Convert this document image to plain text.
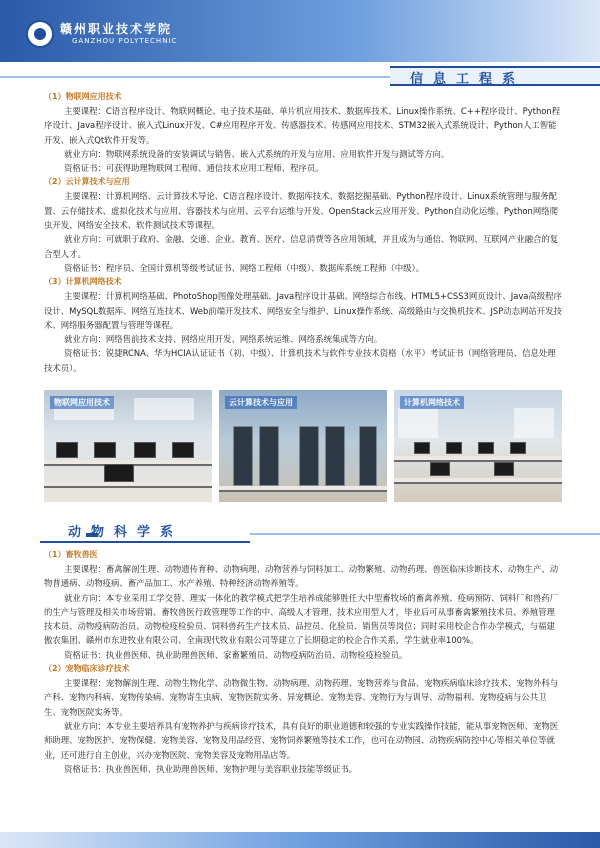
赣州职业技术学院
GANZHOU POLYTECHNIC
信息工程系
（1）物联网应用技术
主要课程：C语言程序设计、物联网概论、电子技术基础、单片机应用技术、数据库技术、Linux操作系统、C++程序设计、Python程序设计、Java程序设计、嵌入式Linux开发、C#应用程序开发、传感器技术、传感网应用技术、STM32嵌入式系统设计、Python人工智能开发、嵌入式Qt软件开发等。
就业方向：物联网系统设备的安装调试与销售、嵌入式系统的开发与应用、应用软件开发与测试等方向。
资格证书：可获得助理物联网工程师、通信技术应用工程师、程序员。
（2）云计算技术与应用
主要课程：计算机网络、云计算技术导论、C语言程序设计、数据库技术、数据挖掘基础、Python程序设计、Linux系统管理与服务配置、云存储技术、虚拟化技术与应用、容器技术与应用、云平台运维与开发、OpenStack云应用开发、Python自动化运维、Python网络爬虫开发、网络安全技术、软件测试技术等课程。
就业方向：可就职于政府、金融、交通、企业、教育、医疗、信息消费等各应用领域，并且成为与通信、物联网、互联网产业融合的复合型人才。
资格证书：程序员、全国计算机等级考试证书、网络工程师（中级）、数据库系统工程师（中级）。
（3）计算机网络技术
主要课程：计算机网络基础、PhotoShop图像处理基础、Java程序设计基础、网络综合布线、HTML5+CSS3网页设计、Java高级程序设计、MySQL数据库、网络互连技术、Web前端开发技术、网络安全与维护、Linux操作系统、高级路由与交换机技术、JSP动态网站开发技术、网络服务器配置与管理等课程。
就业方向：网络售前技术支持、网络应用开发、网络系统运维、网络系统集成等方向。
资格证书：锐捷RCNA、华为HCIA认证证书（初、中级）、计算机技术与软件专业技术资格（水平）考试证书（网络管理员、信息处理技术员）。
物联网应用技术	云计算技术与应用	计算机网络技术
动物科学系
（1）畜牧兽医
主要课程：畜禽解剖生理、动物遗传育种、动物病理、动物营养与饲料加工、动物繁殖、动物药理、兽医临床诊断技术、动物生产、动物普通病、动物疫病、畜产品加工、水产养殖、特种经济动物养殖等。
就业方向：本专业采用工学交替、理实一体化的教学模式把学生培养成能够胜任大中型畜牧场的畜禽养殖、疫病预防、饲料厂和兽药厂的生产与管理及相关市场营销、畜牧兽医行政管理等工作的中、高级人才管理、技术应用型人才，毕业后可从事畜禽繁殖技术员、养殖管理技术员、动物疫病防治员、动物检疫检验员、饲料兽药生产技术员、品控员、化验员、销售员等岗位；同时采用校企合作办学模式，与福建傲农集团、赣州市东进牧业有限公司、全南现代牧业有限公司等建立了长期稳定的校企合作关系，学生就业率100%。
资格证书：执业兽医师、执业助理兽医师、家畜繁殖员、动物疫病防治员、动物检疫检验员。
（2）宠物临床诊疗技术
主要课程：宠物解剖生理、动物生物化学、动物微生物、动物病理、动物药理、宠物营养与食品、宠物疾病临床诊疗技术、宠物外科与产科、宠物内科病、宠物传染病、宠物寄生虫病、宠物医院实务、异宠概论、宠物美容、宠物行为与训导、动物福利、宠物疫病与公共卫生、宠物医院实务等。
就业方向：本专业主要培养具有宠物养护与疾病诊疗技术，具有良好的职业道德和较强的专业实践操作技能，能从事宠物医师、宠物医师助理、宠物医护、宠物保健、宠物美容、宠物及用品经营、宠物饲养繁殖等技术工作，也可在动物园、动物疾病防控中心等相关单位等就业，还可进行自主创业，兴办宠物医院、宠物美容及宠物用品店等。
资格证书：执业兽医师、执业助理兽医师、宠物护理与美容职业技能等级证书。
